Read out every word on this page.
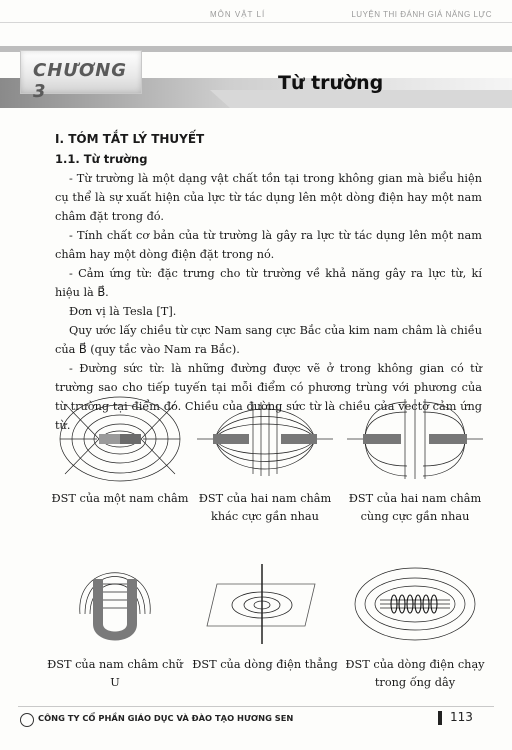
MÔN VẬT LÍ	LUYỆN THI ĐÁNH GIÁ NĂNG LỰC
CHƯƠNG 3	Từ trường
I. TÓM TẮT LÝ THUYẾT
1.1. Từ trường

- Từ trường là một dạng vật chất tồn tại trong không gian mà biểu hiện cụ thể là sự xuất hiện của lực từ tác dụng lên một dòng điện hay một nam châm đặt trong đó.

- Tính chất cơ bản của từ trường là gây ra lực từ tác dụng lên một nam châm hay một dòng điện đặt trong nó.

- Cảm ứng từ: đặc trưng cho từ trường về khả năng gây ra lực từ, kí hiệu là B⃗.

Đơn vị là Tesla [T].

Quy ước lấy chiều từ cực Nam sang cực Bắc của kim nam châm là chiều của B⃗ (quy tắc vào Nam ra Bắc).

- Đường sức từ: là những đường được vẽ ở trong không gian có từ trường sao cho tiếp tuyến tại mỗi điểm có phương trùng với phương của từ trường tại điểm đó. Chiều của đường sức từ là chiều của vectơ cảm ứng từ.

ĐST của một nam châm ĐST của hai nam châm khác cực gần nhau
ĐST của hai nam châm cùng cực gần nhau
ĐST của nam châm chữ U
ĐST của dòng điện thẳng ĐST của dòng điện chạy trong ống dây
CÔNG TY CỔ PHẦN GIÁO DỤC VÀ ĐÀO TẠO HƯƠNG SEN	113
